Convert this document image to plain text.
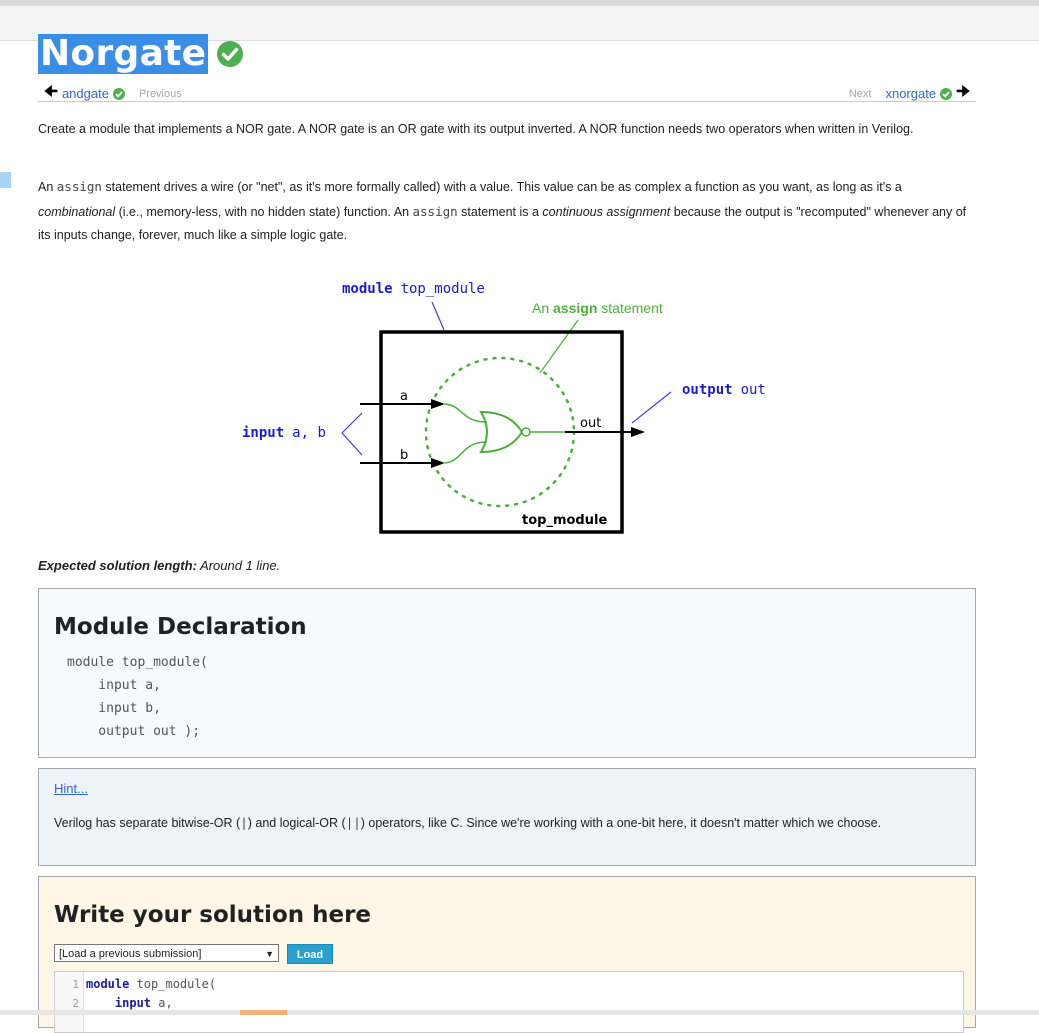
Norgate
🠈 andgate	Previous	Next xnorgate 🠊

Create a module that implements a NOR gate. A NOR gate is an OR gate with its output inverted. A NOR function needs two operators when written in Verilog.

An assign statement drives a wire (or "net", as it's more formally called) with a value. This value can be as complex a function as you want, as long as it's a combinational (i.e., memory-less, with no hidden state) function. An assign statement is a continuous assignment because the output is "recomputed" whenever any of its inputs change, forever, much like a simple logic gate.

module top_module
An assign statement
top_module
a
b
out
output out
input a, b
Expected solution length: Around 1 line.
Module Declaration
module top_module(
input a,
input b,
output out );
Hint...
Verilog has separate bitwise-OR (|) and logical-OR (||) operators, like C. Since we're working with a one-bit here, it doesn't matter which we choose.
Write your solution here
[Load a previous submission]	▼	Load
1
2
module top_module(
input a,
